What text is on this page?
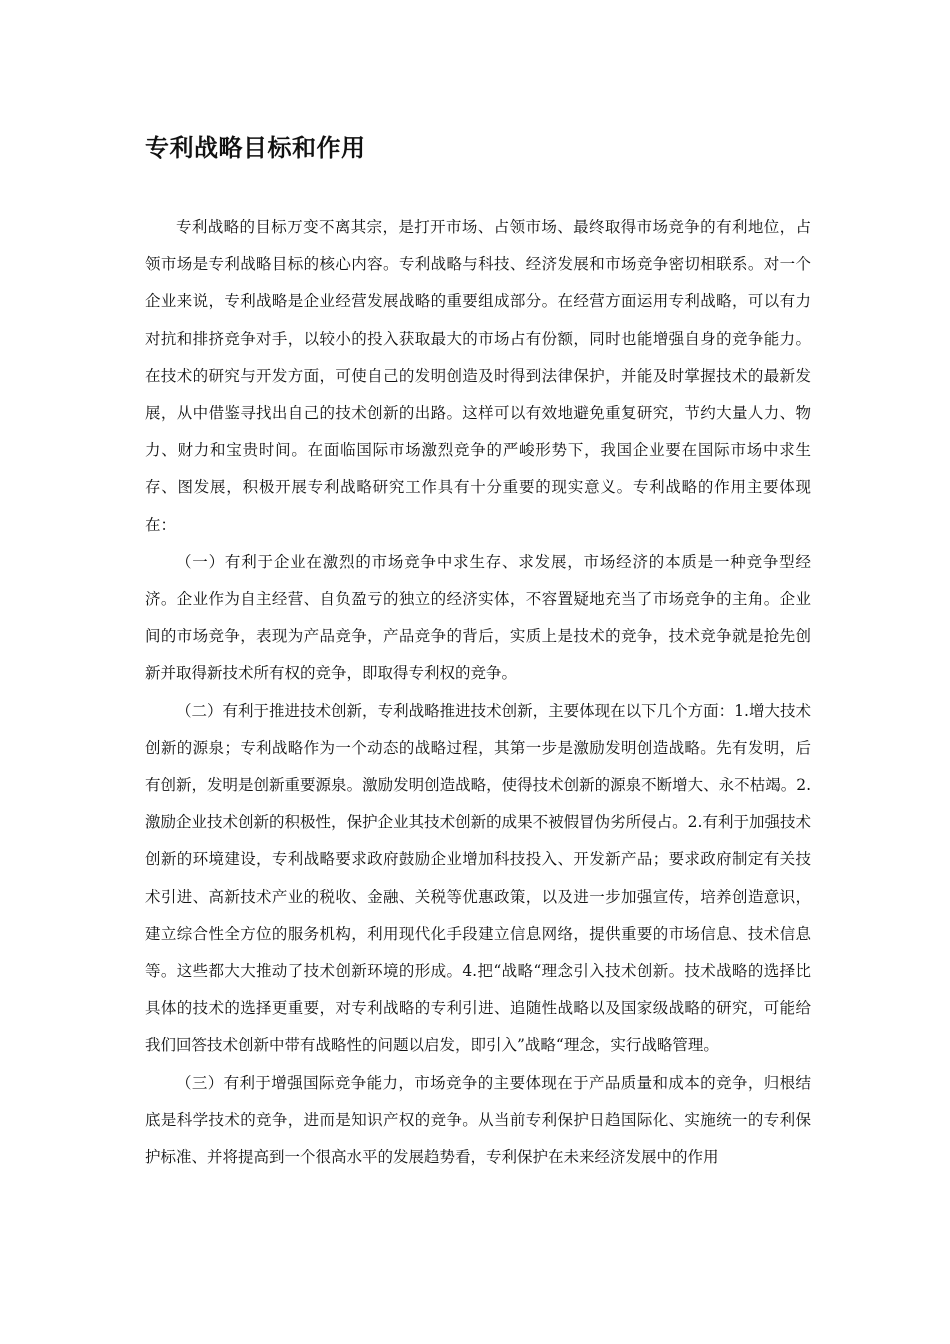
专利战略目标和作用

专利战略的目标万变不离其宗，是打开市场、占领市场、最终取得市场竞争的有利地位，占领市场是专利战略目标的核心内容。专利战略与科技、经济发展和市场竞争密切相联系。对一个企业来说，专利战略是企业经营发展战略的重要组成部分。在经营方面运用专利战略，可以有力对抗和排挤竞争对手，以较小的投入获取最大的市场占有份额，同时也能增强自身的竞争能力。在技术的研究与开发方面，可使自己的发明创造及时得到法律保护，并能及时掌握技术的最新发展，从中借鉴寻找出自己的技术创新的出路。这样可以有效地避免重复研究，节约大量人力、物力、财力和宝贵时间。在面临国际市场激烈竞争的严峻形势下，我国企业要在国际市场中求生存、图发展，积极开展专利战略研究工作具有十分重要的现实意义。专利战略的作用主要体现在：

（一）有利于企业在激烈的市场竞争中求生存、求发展，市场经济的本质是一种竞争型经济。企业作为自主经营、自负盈亏的独立的经济实体，不容置疑地充当了市场竞争的主角。企业间的市场竞争，表现为产品竞争，产品竞争的背后，实质上是技术的竞争，技术竞争就是抢先创新并取得新技术所有权的竞争，即取得专利权的竞争。

（二）有利于推进技术创新，专利战略推进技术创新，主要体现在以下几个方面：1.增大技术创新的源泉；专利战略作为一个动态的战略过程，其第一步是激励发明创造战略。先有发明，后有创新，发明是创新重要源泉。激励发明创造战略，使得技术创新的源泉不断增大、永不枯竭。2.激励企业技术创新的积极性，保护企业其技术创新的成果不被假冒伪劣所侵占。2.有利于加强技术创新的环境建设，专利战略要求政府鼓励企业增加科技投入、开发新产品；要求政府制定有关技术引进、高新技术产业的税收、金融、关税等优惠政策，以及进一步加强宣传，培养创造意识，建立综合性全方位的服务机构，利用现代化手段建立信息网络，提供重要的市场信息、技术信息等。这些都大大推动了技术创新环境的形成。4.把“战略“理念引入技术创新。技术战略的选择比具体的技术的选择更重要，对专利战略的专利引进、追随性战略以及国家级战略的研究，可能给我们回答技术创新中带有战略性的问题以启发，即引入”战略“理念，实行战略管理。

（三）有利于增强国际竞争能力，市场竞争的主要体现在于产品质量和成本的竞争，归根结底是科学技术的竞争，进而是知识产权的竞争。从当前专利保护日趋国际化、实施统一的专利保护标准、并将提高到一个很高水平的发展趋势看，专利保护在未来经济发展中的作用
